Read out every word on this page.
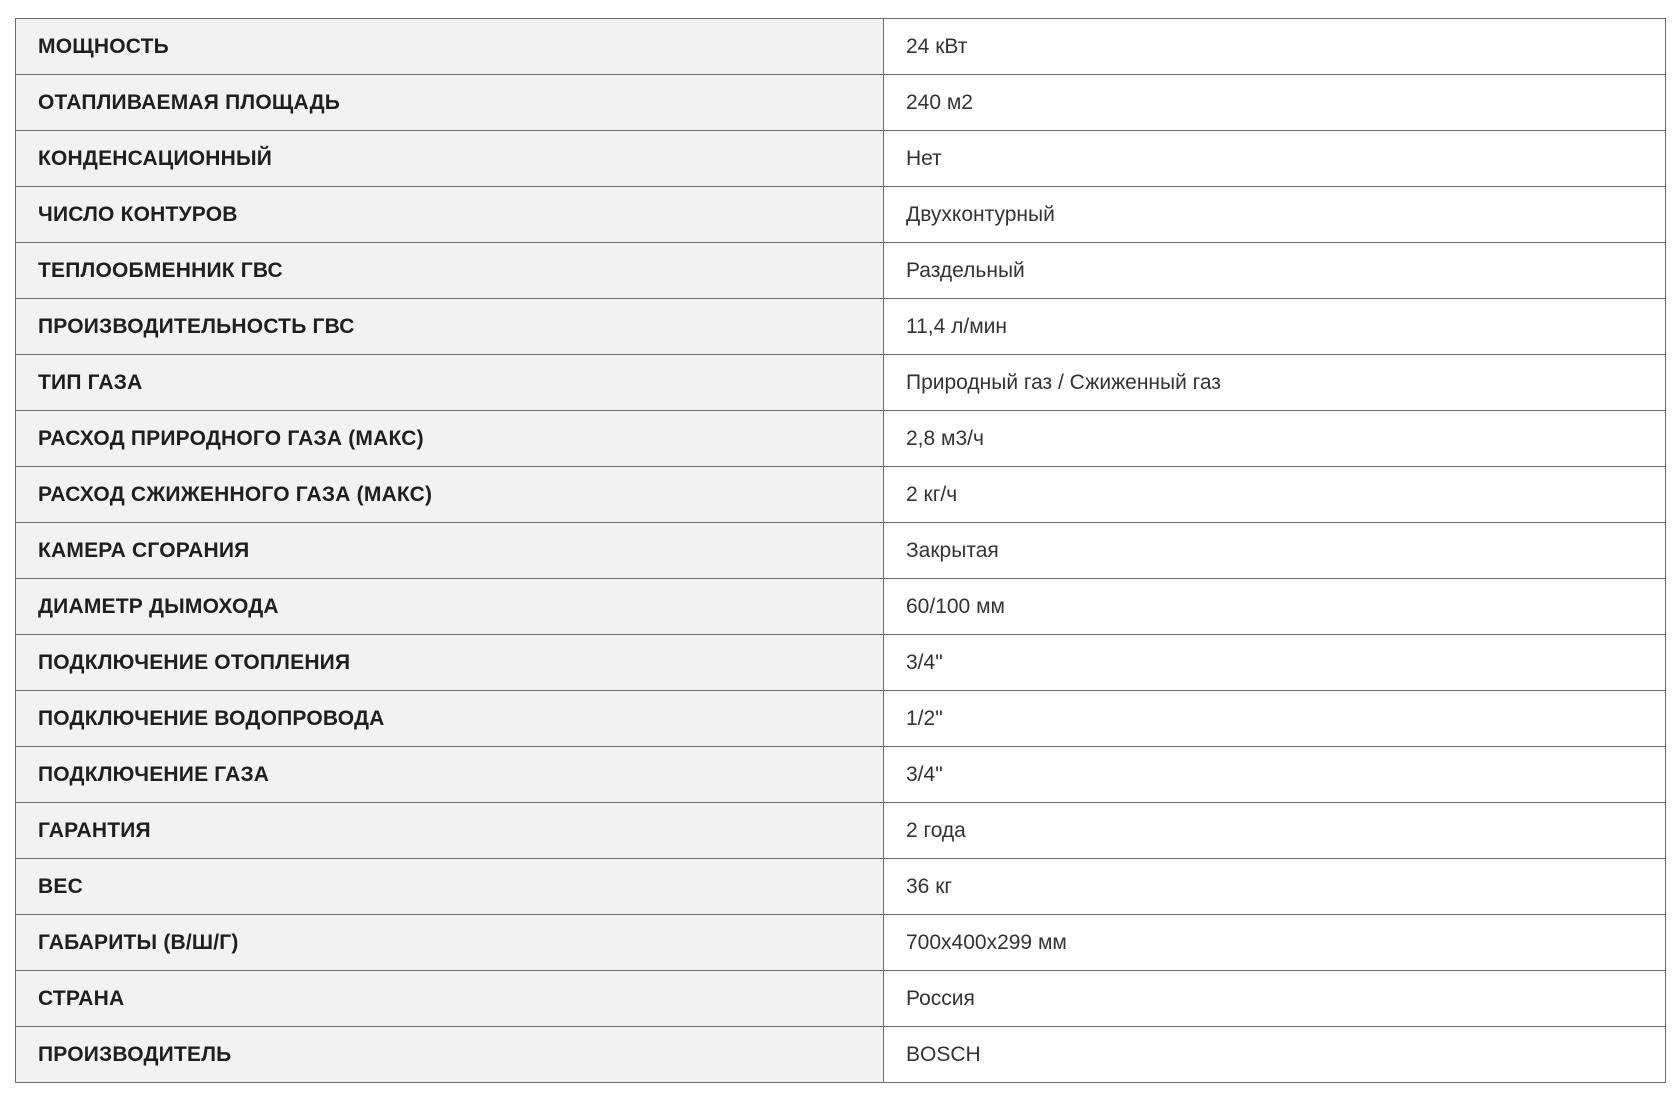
МОЩНОСТЬ	24 кВт
ОТАПЛИВАЕМАЯ ПЛОЩАДЬ	240 м2
КОНДЕНСАЦИОННЫЙ	Нет
ЧИСЛО КОНТУРОВ	Двухконтурный
ТЕПЛООБМЕННИК ГВС	Раздельный
ПРОИЗВОДИТЕЛЬНОСТЬ ГВС	11,4 л/мин
ТИП ГАЗА	Природный газ / Сжиженный газ
РАСХОД ПРИРОДНОГО ГАЗА (МАКС)	2,8 м3/ч
РАСХОД СЖИЖЕННОГО ГАЗА (МАКС)	2 кг/ч
КАМЕРА СГОРАНИЯ	Закрытая
ДИАМЕТР ДЫМОХОДА	60/100 мм
ПОДКЛЮЧЕНИЕ ОТОПЛЕНИЯ	3/4"
ПОДКЛЮЧЕНИЕ ВОДОПРОВОДА	1/2"
ПОДКЛЮЧЕНИЕ ГАЗА	3/4"
ГАРАНТИЯ	2 года
ВЕС	36 кг
ГАБАРИТЫ (В/Ш/Г)	700x400x299 мм
СТРАНА	Россия
ПРОИЗВОДИТЕЛЬ	BOSCH
